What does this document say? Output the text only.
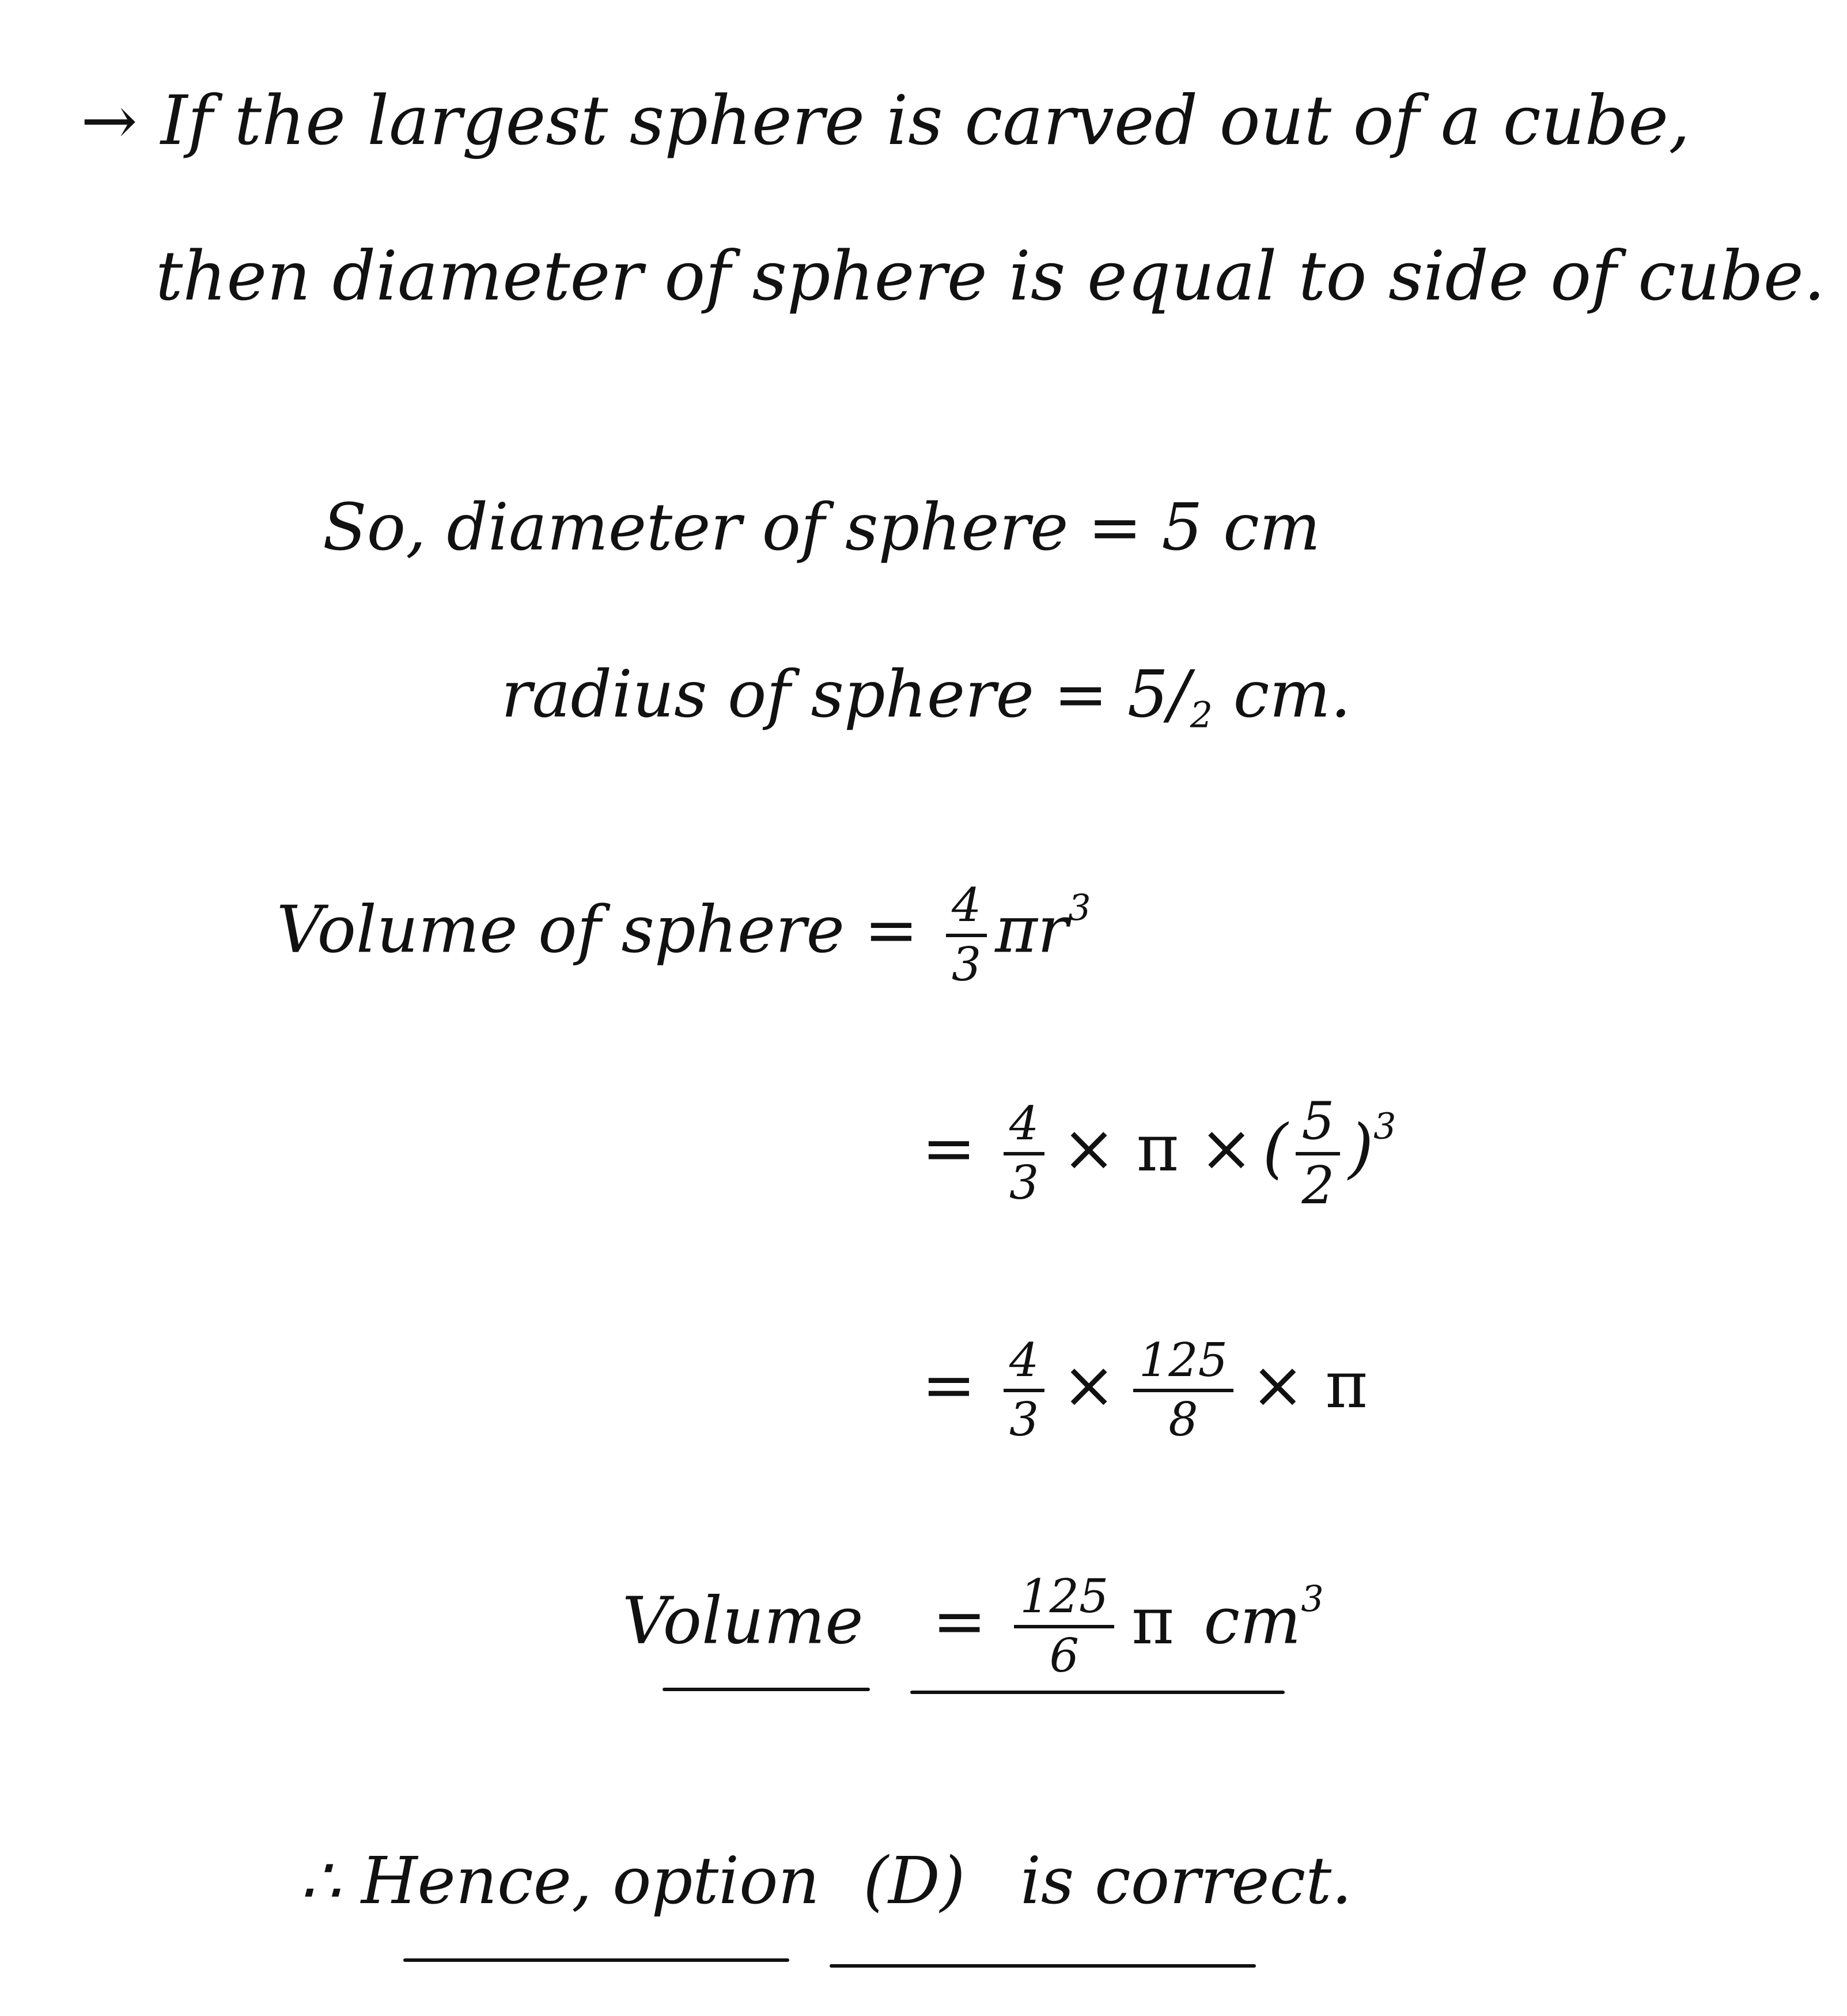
→ If the largest sphere is carved out of a cube,
then diameter of sphere is equal to side of cube.
So, diameter of sphere = 5 cm
radius of sphere = 5/2 cm.
Volume of sphere = $\frac{4}{3} \pi r^3$
= $\frac{4}{3} \times \pi$ × ( $\frac{5}{2} )^3$
= $\frac{4}{3} \times \frac{125}{8} \times \pi$
Volume = $\frac{125}{6}$ π $cm^3$
∴ Hence, option (D) is correct.
